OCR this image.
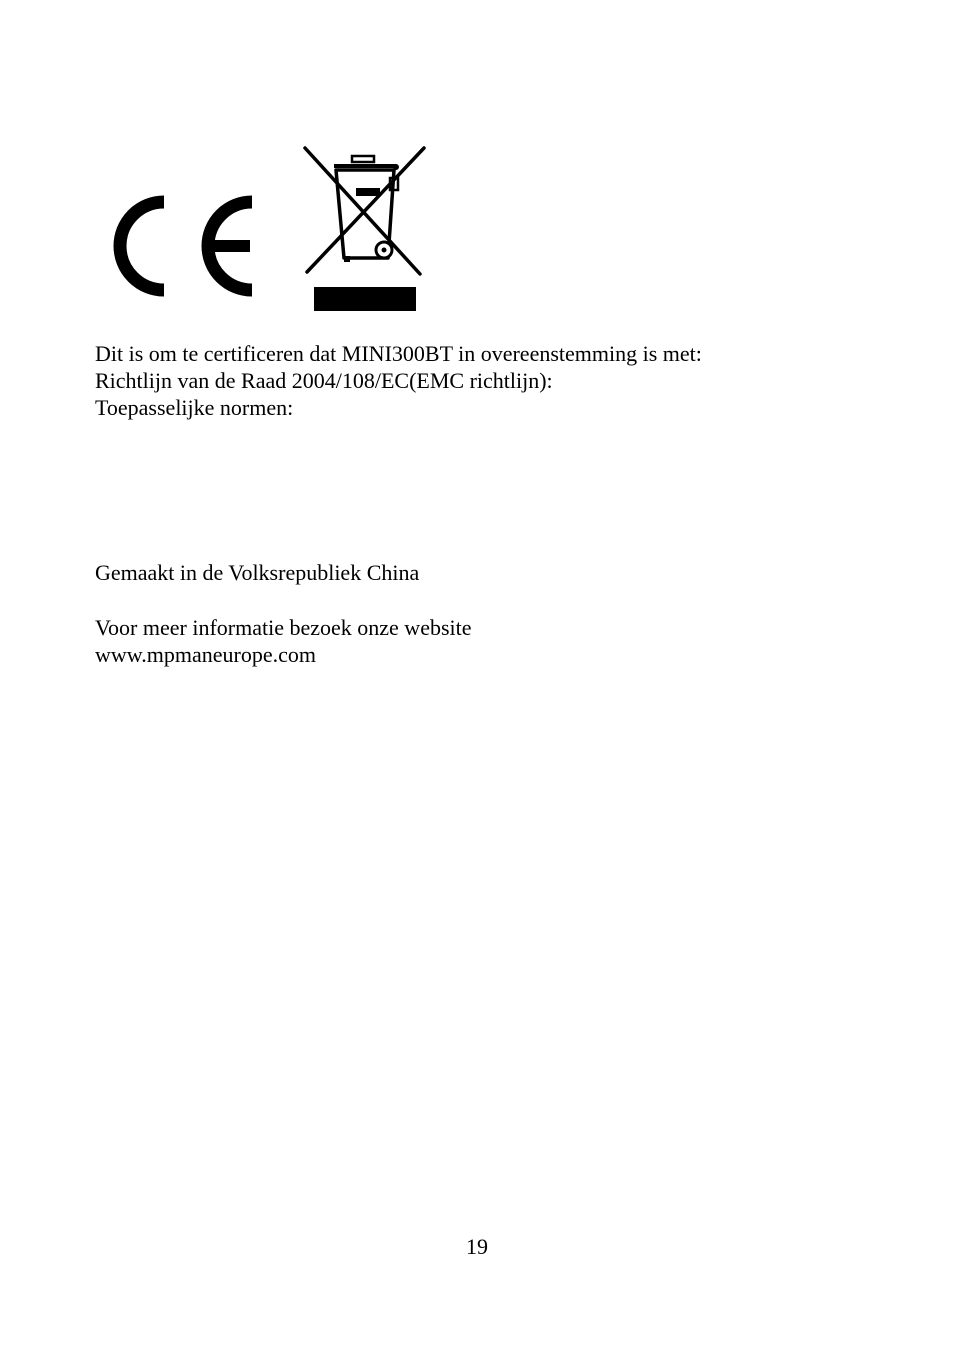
Dit is om te certificeren dat MINI300BT in overeenstemming is met:
Richtlijn van de Raad 2004/108/EC(EMC richtlijn):
Toepasselijke normen:
Gemaakt in de Volksrepubliek China
Voor meer informatie bezoek onze website
www.mpmaneurope.com
19
